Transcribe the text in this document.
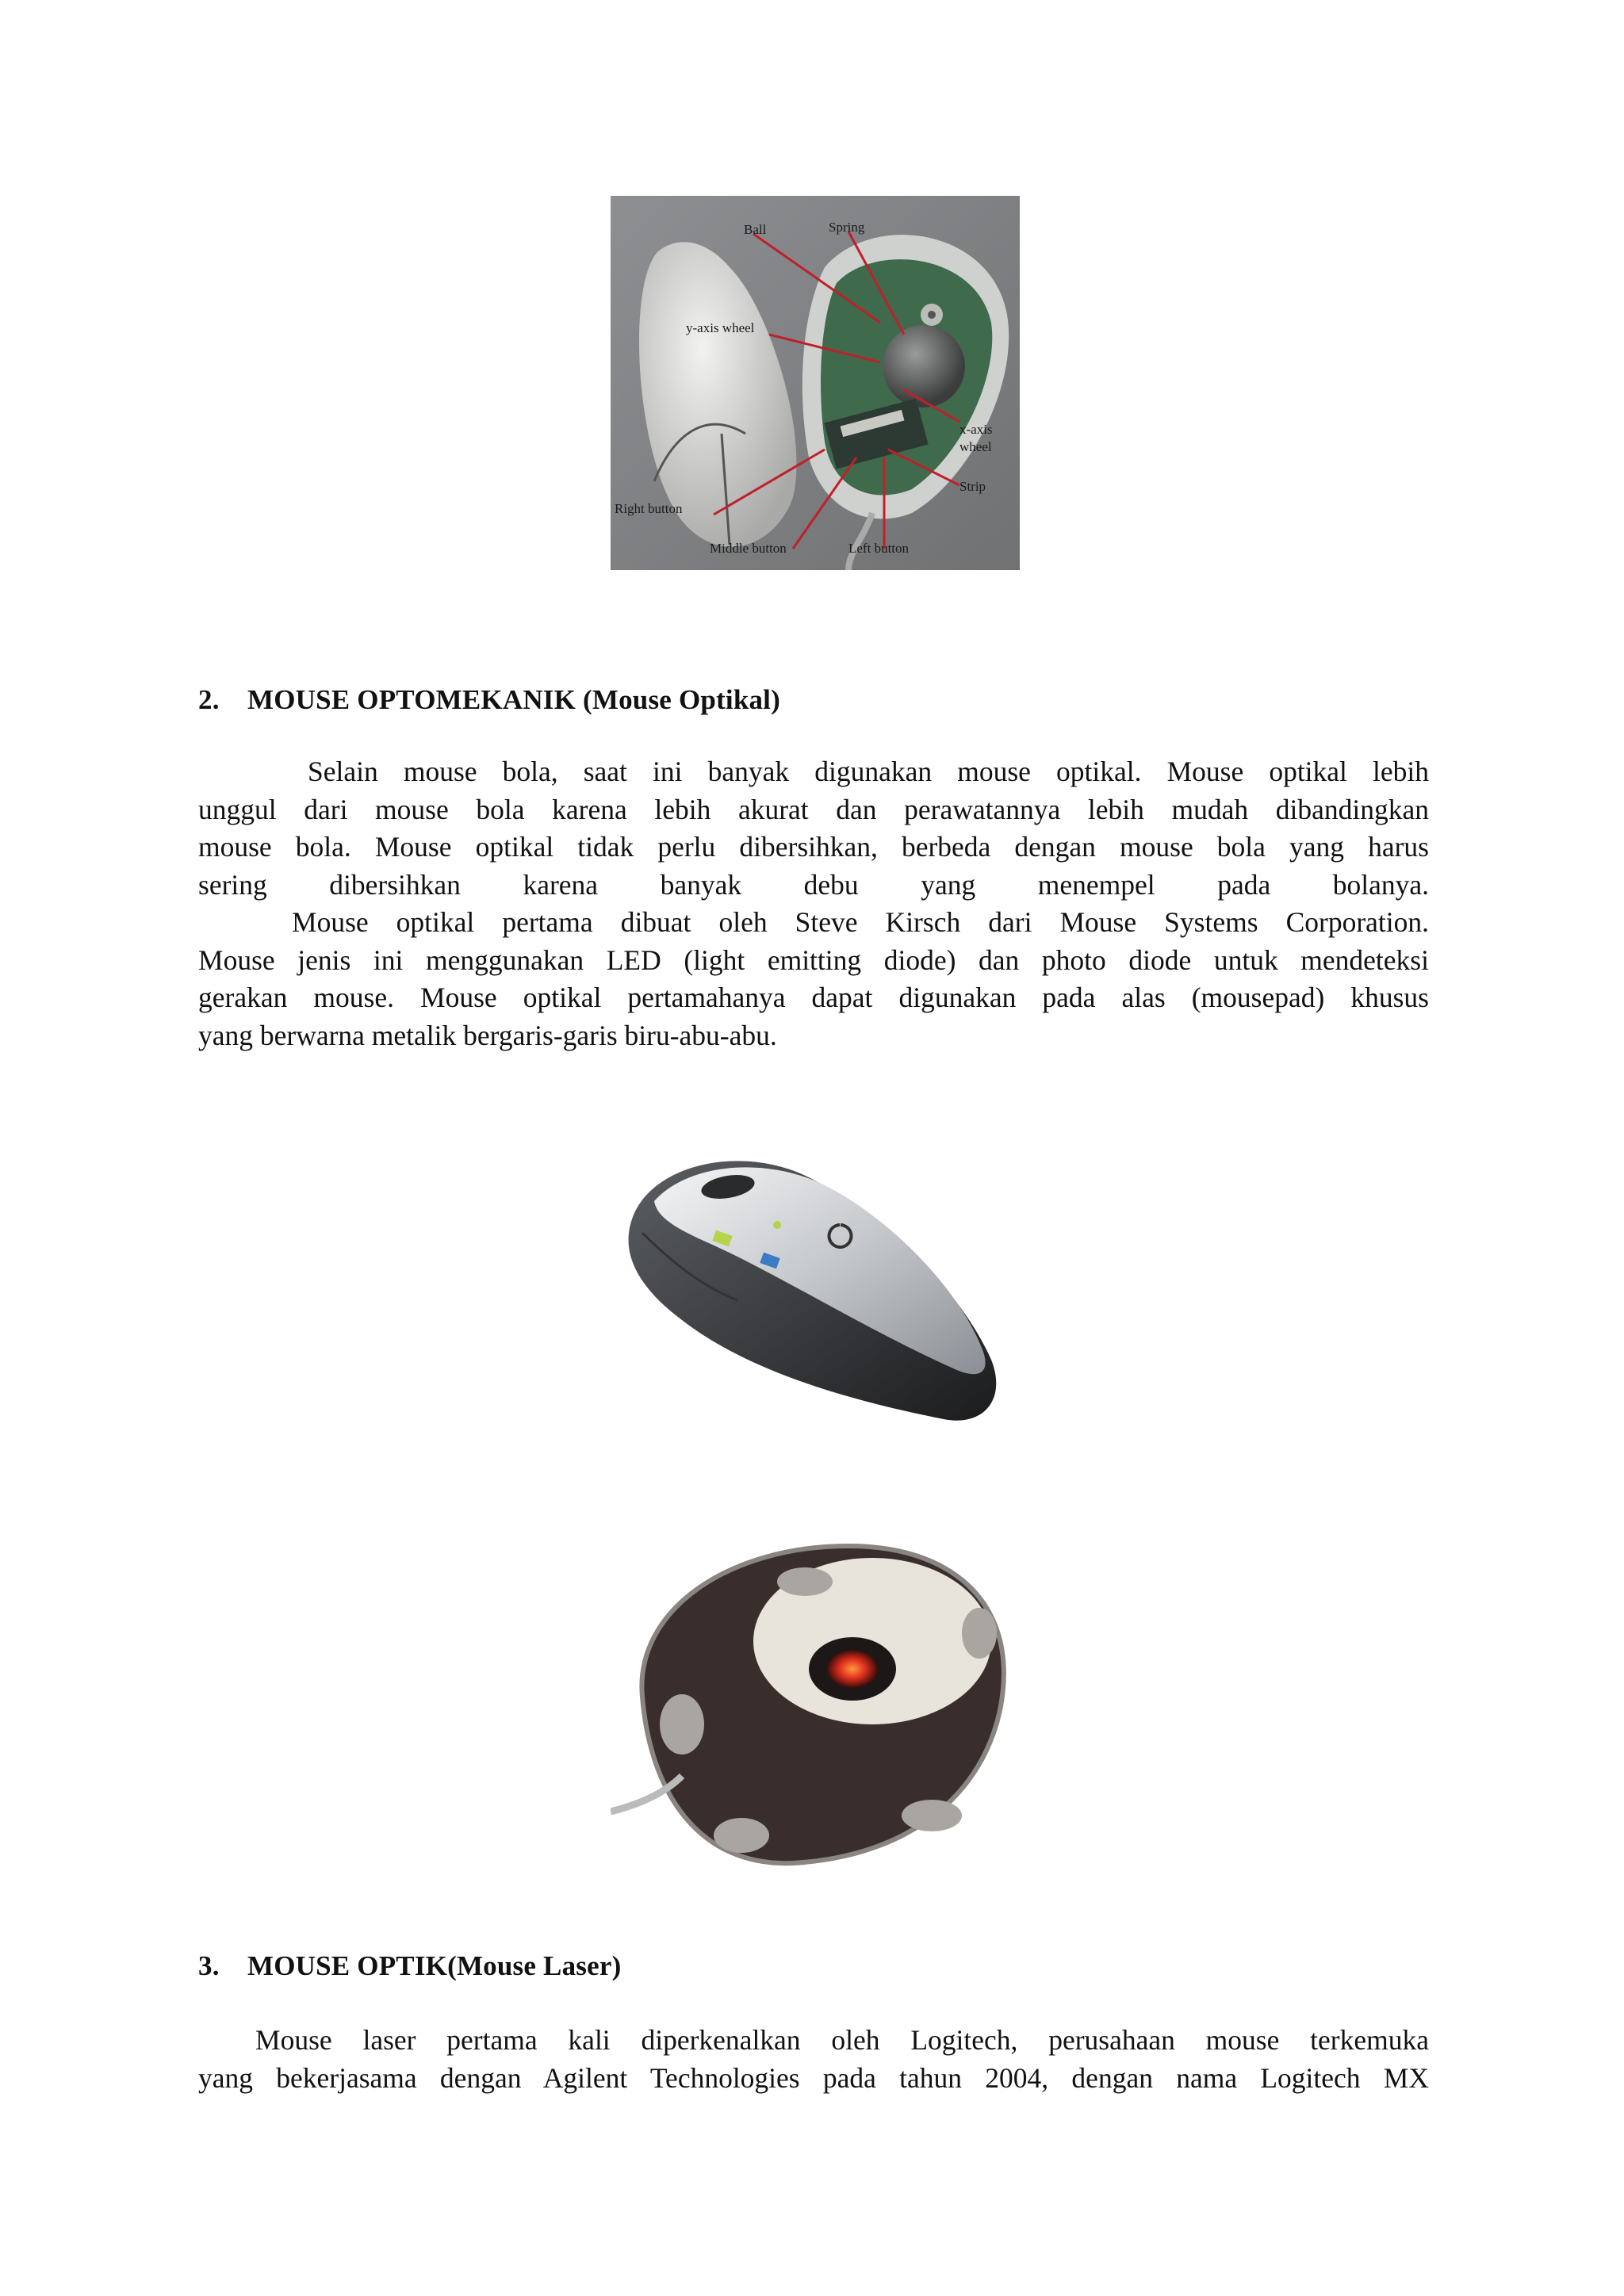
Ball	Spring
y-axis wheel
x-axis
wheel
Strip
Right button
Middle button	Left button
2. MOUSE OPTOMEKANIK (Mouse Optikal)
Selain mouse bola, saat ini banyak digunakan mouse optikal. Mouse optikal lebih
unggul dari mouse bola karena lebih akurat dan perawatannya lebih mudah dibandingkan
mouse bola. Mouse optikal tidak perlu dibersihkan, berbeda dengan mouse bola yang harus
sering dibersihkan karena banyak debu yang menempel pada bolanya.
Mouse optikal pertama dibuat oleh Steve Kirsch dari Mouse Systems Corporation.
Mouse jenis ini menggunakan LED (light emitting diode) dan photo diode untuk mendeteksi
gerakan mouse. Mouse optikal pertamahanya dapat digunakan pada alas (mousepad) khusus
yang berwarna metalik bergaris-garis biru-abu-abu.
3. MOUSE OPTIK(Mouse Laser)
Mouse laser pertama kali diperkenalkan oleh Logitech, perusahaan mouse terkemuka
yang bekerjasama dengan Agilent Technologies pada tahun 2004, dengan nama Logitech MX
